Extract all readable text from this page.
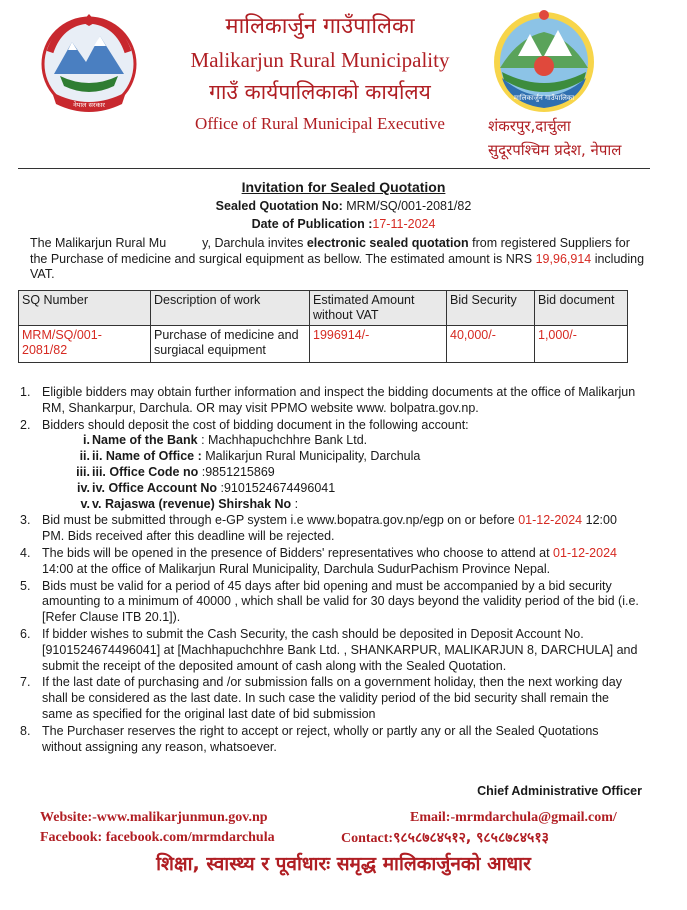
नेपाल सरकार
मालिकार्जुन गाउँपालिका
मालिकार्जुन गाउँपालिका
Malikarjun Rural Municipality
गाउँ कार्यपालिकाको कार्यालय
Office of Rural Municipal Executive	शंकरपुर,दार्चुला
सुदूरपश्चिम प्रदेश, नेपाल
Invitation for Sealed Quotation
Sealed Quotation No: MRM/SQ/001-2081/82
Date of Publication :17-11-2024
The Malikarjun Rural Mu	y, Darchula invites electronic sealed quotation from registered Suppliers for the Purchase of medicine and surgical equipment as bellow. The estimated amount is NRS 19,96,914 including VAT.
SQ Number	Description of work	Estimated Amount without VAT	Bid Security	Bid document
MRM/SQ/001-2081/82	Purchase of medicine and surgiacal equipment	1996914/-	40,000/-	1,000/-
1. Eligible bidders may obtain further information and inspect the bidding documents at the office of Malikarjun RM, Shankarpur, Darchula. OR may visit PPMO website www. bolpatra.gov.np.
2. Bidders should deposit the cost of bidding document in the following account:
i. Name of the Bank : Machhapuchchhre Bank Ltd.
ii. ii. Name of Office : Malikarjun Rural Municipality, Darchula
iii. iii. Office Code no :9851215869
iv. iv. Office Account No :9101524674496041
v. v. Rajaswa (revenue) Shirshak No :
3. Bid must be submitted through e-GP system i.e www.bopatra.gov.np/egp on or before 01-12-2024 12:00 PM. Bids received after this deadline will be rejected.
4. The bids will be opened in the presence of Bidders' representatives who choose to attend at 01-12-2024 14:00 at the office of Malikarjun Rural Municipality, Darchula SudurPachism Province Nepal.
5. Bids must be valid for a period of 45 days after bid opening and must be accompanied by a bid security amounting to a minimum of 40000 , which shall be valid for 30 days beyond the validity period of the bid (i.e. [Refer Clause ITB 20.1]).
6. If bidder wishes to submit the Cash Security, the cash should be deposited in Deposit Account No.[9101524674496041] at [Machhapuchchhre Bank Ltd. , SHANKARPUR, MALIKARJUN 8, DARCHULA] and submit the receipt of the deposited amount of cash along with the Sealed Quotation.
7. If the last date of purchasing and /or submission falls on a government holiday, then the next working day shall be considered as the last date. In such case the validity period of the bid security shall remain the same as specified for the original last date of bid submission
8. The Purchaser reserves the right to accept or reject, wholly or partly any or all the Sealed Quotations without assigning any reason, whatsoever.
Chief Administrative Officer
Website:-www.malikarjunmun.gov.np	Email:-mrmdarchula@gmail.com/
Facebook: facebook.com/mrmdarchula	Contact:९८५८७८४५१२, ९८५८७८४५१३
शिक्षा, स्वास्थ्य र पूर्वाधारः समृद्ध मालिकार्जुनको आधार
